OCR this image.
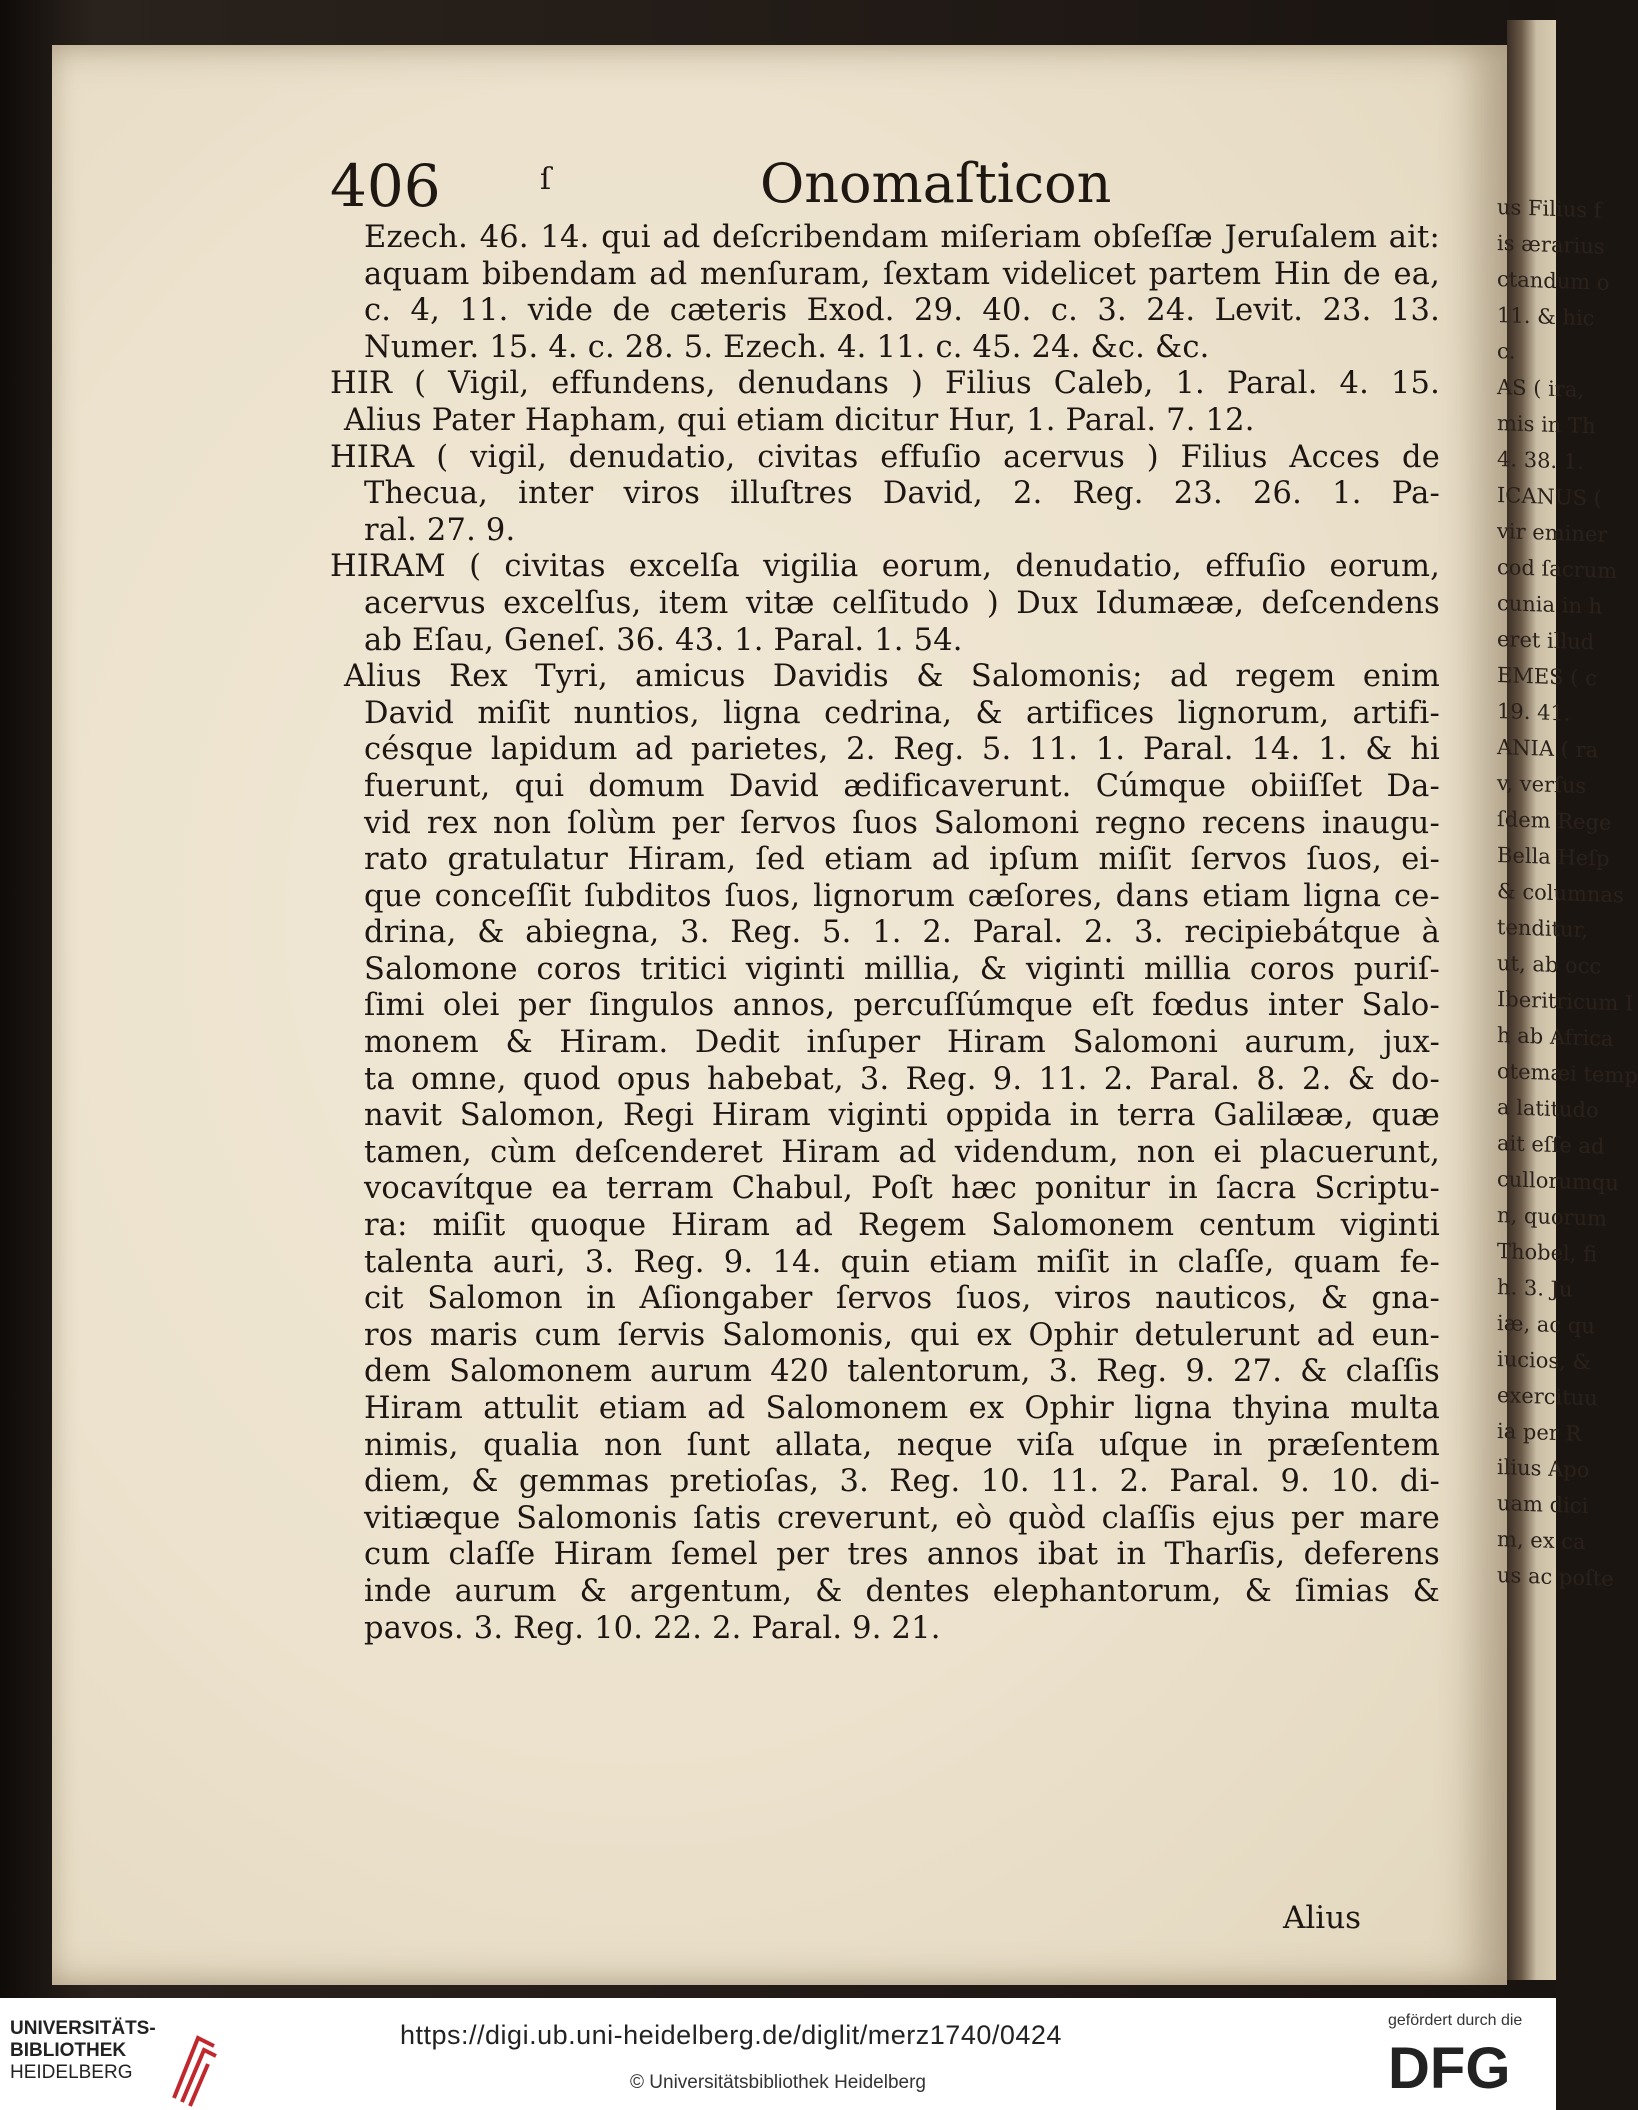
us Filius f
is ærarius
ctandum o
11. & hic
c.
AS ( ira,
mis in Th
4. 38. 1.
ICANUS (
vir eminer
cod ſacrum
cunia in h
eret illud
EMES ( c
19. 41.
ANIA ( ra
v, verſus
ſdem Rege
Bella Heſp
& columnas
tenditur,
ut, ab occ
Iberitricum I
h ab Africa
otemæi temp
a latitudo
ait eſſe ad
cullorumqu
n, quorum
Thobel, fi
h. 3. Ju
iæ, ac qu
iucios, &
exercituu
ia per R
ilius Apo
uam dici
m, ex ca
us ac poſte
406	ſ	Onomaſticon
Ezech. 46. 14. qui ad deſcribendam miſeriam obſeſſæ Jeruſalem ait:
aquam bibendam ad menſuram, ſextam videlicet partem Hin de ea,
c. 4, 11. vide de cæteris Exod. 29. 40. c. 3. 24. Levit. 23. 13.
Numer. 15. 4. c. 28. 5. Ezech. 4. 11. c. 45. 24. &c. &c.
HIR ( Vigil, effundens, denudans ) Filius Caleb, 1. Paral. 4. 15.
Alius Pater Hapham, qui etiam dicitur Hur, 1. Paral. 7. 12.
HIRA ( vigil, denudatio, civitas effuſio acervus ) Filius Acces de
Thecua, inter viros illuſtres David, 2. Reg. 23. 26. 1. Pa-
ral. 27. 9.
HIRAM ( civitas excelſa vigilia eorum, denudatio, effuſio eorum,
acervus excelſus, item vitæ celſitudo ) Dux Idumææ, deſcendens
ab Eſau, Geneſ. 36. 43. 1. Paral. 1. 54.
Alius Rex Tyri, amicus Davidis & Salomonis; ad regem enim
David miſit nuntios, ligna cedrina, & artifices lignorum, artifi-
césque lapidum ad parietes, 2. Reg. 5. 11. 1. Paral. 14. 1. & hi
fuerunt, qui domum David ædificaverunt. Cúmque obiiſſet Da-
vid rex non ſolùm per ſervos ſuos Salomoni regno recens inaugu-
rato gratulatur Hiram, ſed etiam ad ipſum miſit ſervos ſuos, ei-
que conceſſit ſubditos ſuos, lignorum cæſores, dans etiam ligna ce-
drina, & abiegna, 3. Reg. 5. 1. 2. Paral. 2. 3. recipiebátque à
Salomone coros tritici viginti millia, & viginti millia coros puriſ-
ſimi olei per ſingulos annos, percuſſúmque eſt fœdus inter Salo-
monem & Hiram. Dedit inſuper Hiram Salomoni aurum, jux-
ta omne, quod opus habebat, 3. Reg. 9. 11. 2. Paral. 8. 2. & do-
navit Salomon, Regi Hiram viginti oppida in terra Galilææ, quæ
tamen, cùm deſcenderet Hiram ad videndum, non ei placuerunt,
vocavítque ea terram Chabul, Poſt hæc ponitur in ſacra Scriptu-
ra: miſit quoque Hiram ad Regem Salomonem centum viginti
talenta auri, 3. Reg. 9. 14. quin etiam miſit in claſſe, quam fe-
cit Salomon in Aſiongaber ſervos ſuos, viros nauticos, & gna-
ros maris cum ſervis Salomonis, qui ex Ophir detulerunt ad eun-
dem Salomonem aurum 420 talentorum, 3. Reg. 9. 27. & claſſis
Hiram attulit etiam ad Salomonem ex Ophir ligna thyina multa
nimis, qualia non ſunt allata, neque viſa uſque in præſentem
diem, & gemmas pretioſas, 3. Reg. 10. 11. 2. Paral. 9. 10. di-
vitiæque Salomonis ſatis creverunt, eò quòd claſſis ejus per mare
cum claſſe Hiram ſemel per tres annos ibat in Tharſis, deferens
inde aurum & argentum, & dentes elephantorum, & ſimias &
pavos. 3. Reg. 10. 22. 2. Paral. 9. 21.
Alius
UNIVERSITÄTS-
BIBLIOTHEK
HEIDELBERG
https://digi.ub.uni-heidelberg.de/diglit/merz1740/0424
© Universitätsbibliothek Heidelberg
gefördert durch die
DFG
